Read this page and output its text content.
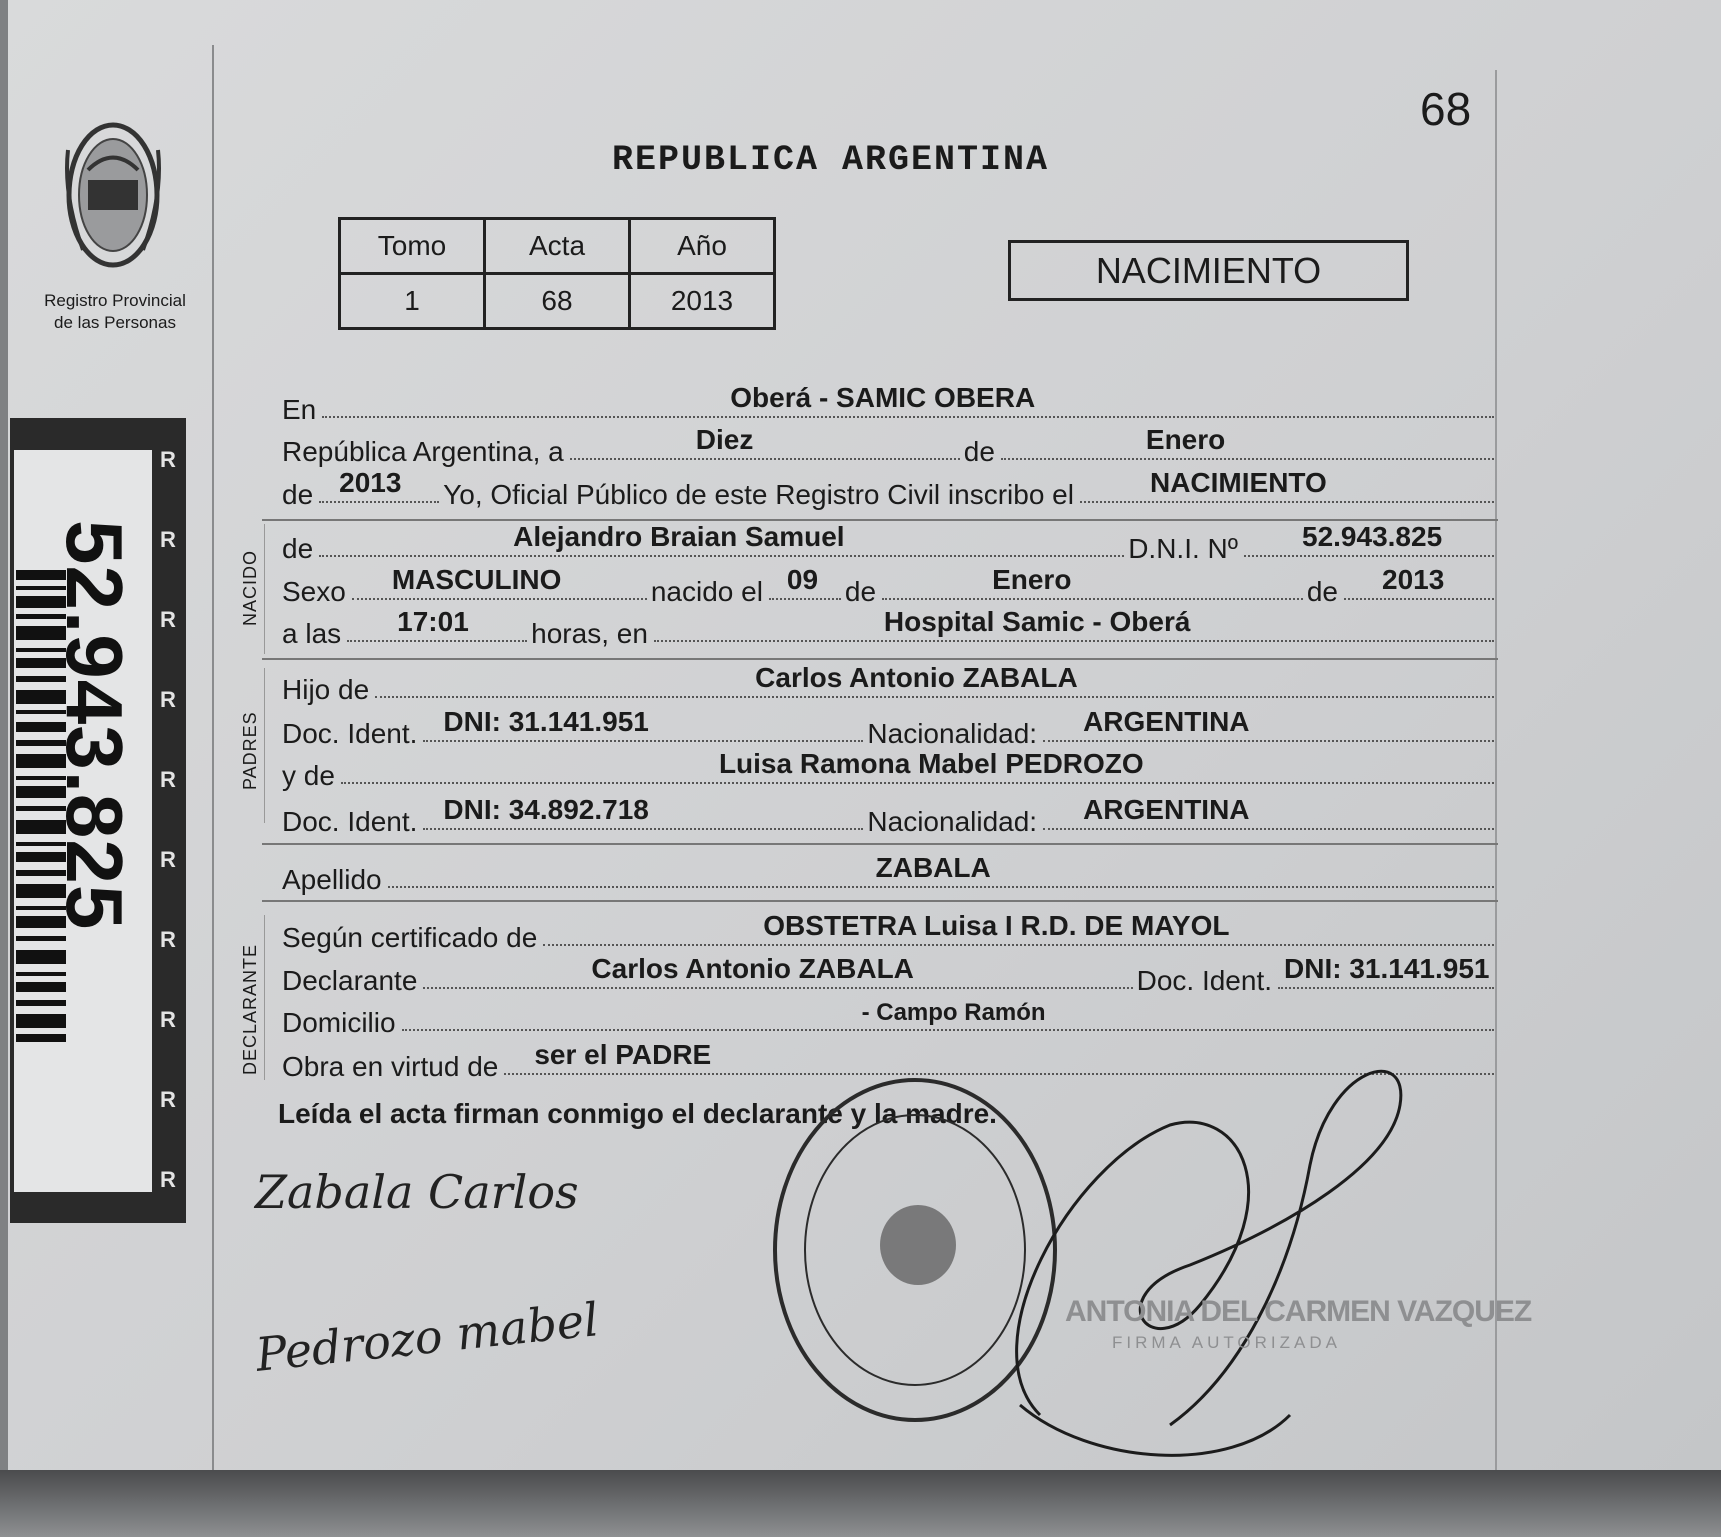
Registro Provincial
de las Personas
R
R
R
R
R
R
R
R
R
R
52.943.825
68
REPUBLICA ARGENTINA
Tomo	Acta	Año
1	68	2013
NACIMIENTO
En	Oberá - SAMIC OBERA
República Argentina, a	Diez	de	Enero
de 2013 Yo, Oficial Público de este Registro Civil inscribo el	NACIMIENTO
NACIDO
de	Alejandro Braian Samuel	D.N.I. Nº 52.943.825
Sexo MASCULINO	nacido el 09 de	Enero	de 2013
a las 17:01 horas, en	Hospital Samic - Oberá
PADRES
Hijo de	Carlos Antonio ZABALA
Doc. Ident. DNI: 31.141.951	Nacionalidad: ARGENTINA
y de	Luisa Ramona Mabel PEDROZO
Doc. Ident. DNI: 34.892.718	Nacionalidad: ARGENTINA
Apellido	ZABALA
DECLARANTE
Según certificado de	OBSTETRA Luisa I R.D. DE MAYOL
Declarante	Carlos Antonio ZABALA	Doc. Ident. DNI: 31.141.951
Domicilio	- Campo Ramón
Obra en virtud de ser el PADRE
Leída el acta firman conmigo el declarante y la madre.
Zabala Carlos
Pedrozo mabel	ANTONIA DEL CARMEN VAZQUEZ
FIRMA AUTORIZADA
